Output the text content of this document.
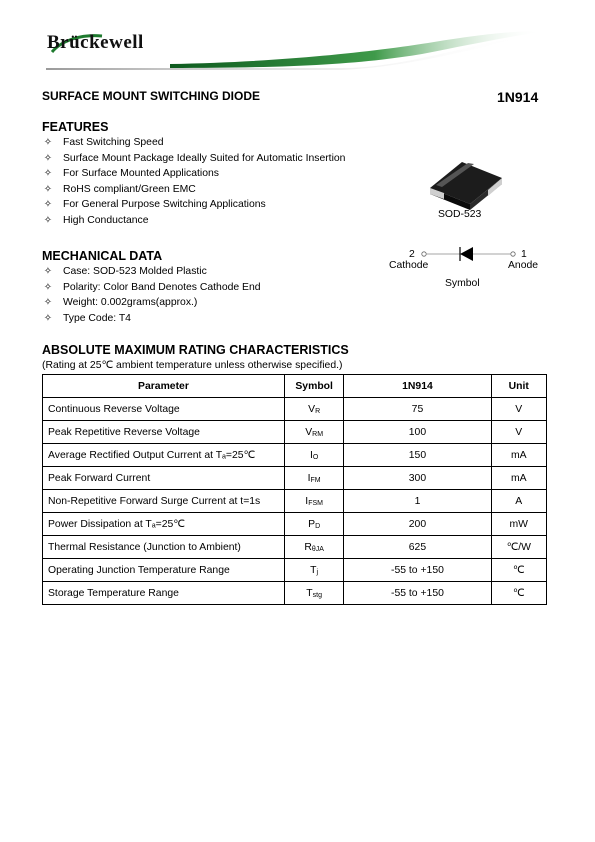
Brückewell
SURFACE MOUNT SWITCHING DIODE	1N914
FEATURES
✧ Fast Switching Speed
✧ Surface Mount Package Ideally Suited for Automatic Insertion
✧ For Surface Mounted Applications
✧ RoHS compliant/Green EMC
✧ For General Purpose Switching Applications
✧ High Conductance	SOD-523
2
Cathode
1
Anode
Symbol
MECHANICAL DATA
✧ Case: SOD-523 Molded Plastic
✧ Polarity: Color Band Denotes Cathode End
✧ Weight: 0.002grams(approx.)
✧ Type Code: T4
ABSOLUTE MAXIMUM RATING CHARACTERISTICS
(Rating at 25℃ ambient temperature unless otherwise specified.)
Parameter	Symbol	1N914	Unit
Continuous Reverse Voltage	VR	75	V
Peak Repetitive Reverse Voltage	VRM	100	V
Average Rectified Output Current at Tₐ=25℃	IO	150	mA
Peak Forward Current	IFM	300	mA
Non-Repetitive Forward Surge Current at t=1s	IFSM	1	A
Power Dissipation at Tₐ=25℃	PD	200	mW
Thermal Resistance (Junction to Ambient)	RθJA	625	℃/W
Operating Junction Temperature Range	Tj	-55 to +150	℃
Storage Temperature Range	Tstg	-55 to +150	℃
